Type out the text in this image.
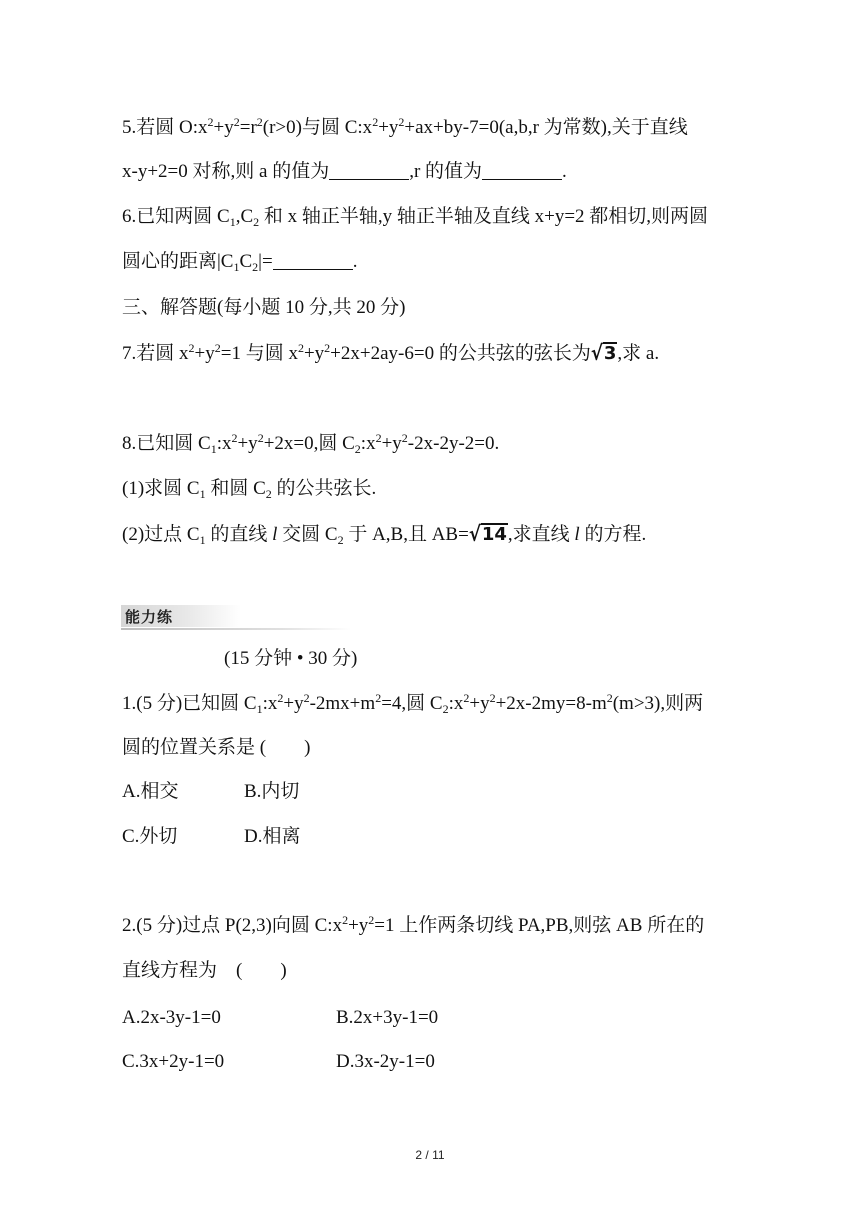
5.若圆 $O:x^2+y^2=r^2(r>0)$与圆 $C:x^2+y^2+ax+by-7=0(a,b,r$ 为常数),关于直线
x-y+2=0 对称,则 a 的值为	,r 的值为	.
6.已知两圆 $C_1,C_2$ 和 x 轴正半轴,y 轴正半轴及直线 x+y=2 都相切,则两圆
圆心的距离$|C_1C_2|=$	.
三、解答题(每小题 10 分,共 20 分)
7.若圆 $x^2+y^2=1$ 与圆 $x^2+y^2+2x+2ay-6=0$ 的公共弦的弦长为√3,求 a.
8.已知圆 $C_1:x^2+y^2+2x=0$,圆 $C_2:x^2+y^2-2x-2y-2=0$.
(1)求圆 $C_1$ 和圆 $C_2$ 的公共弦长.
(2)过点 $C_1$ 的直线 l 交圆 $C_2$ 于 A,B,且 AB=√14,求直线 l 的方程.
能力练
(15 分钟 • 30 分)
1.(5 分)已知圆 $C_1:x^2+y^2-2mx+m^2=4$,圆 $C_2:x^2+y^2+2x-2my=8-m^2(m>3)$,则两
圆的位置关系是 (　　)
A.相交	B.内切
C.外切	D.相离
2.(5 分)过点 P(2,3)向圆 $C:x^2+y^2=1$ 上作两条切线 PA,PB,则弦 AB 所在的
直线方程为　(　　)
A.2x-3y-1=0	B.2x+3y-1=0
C.3x+2y-1=0	D.3x-2y-1=0
2 / 11
